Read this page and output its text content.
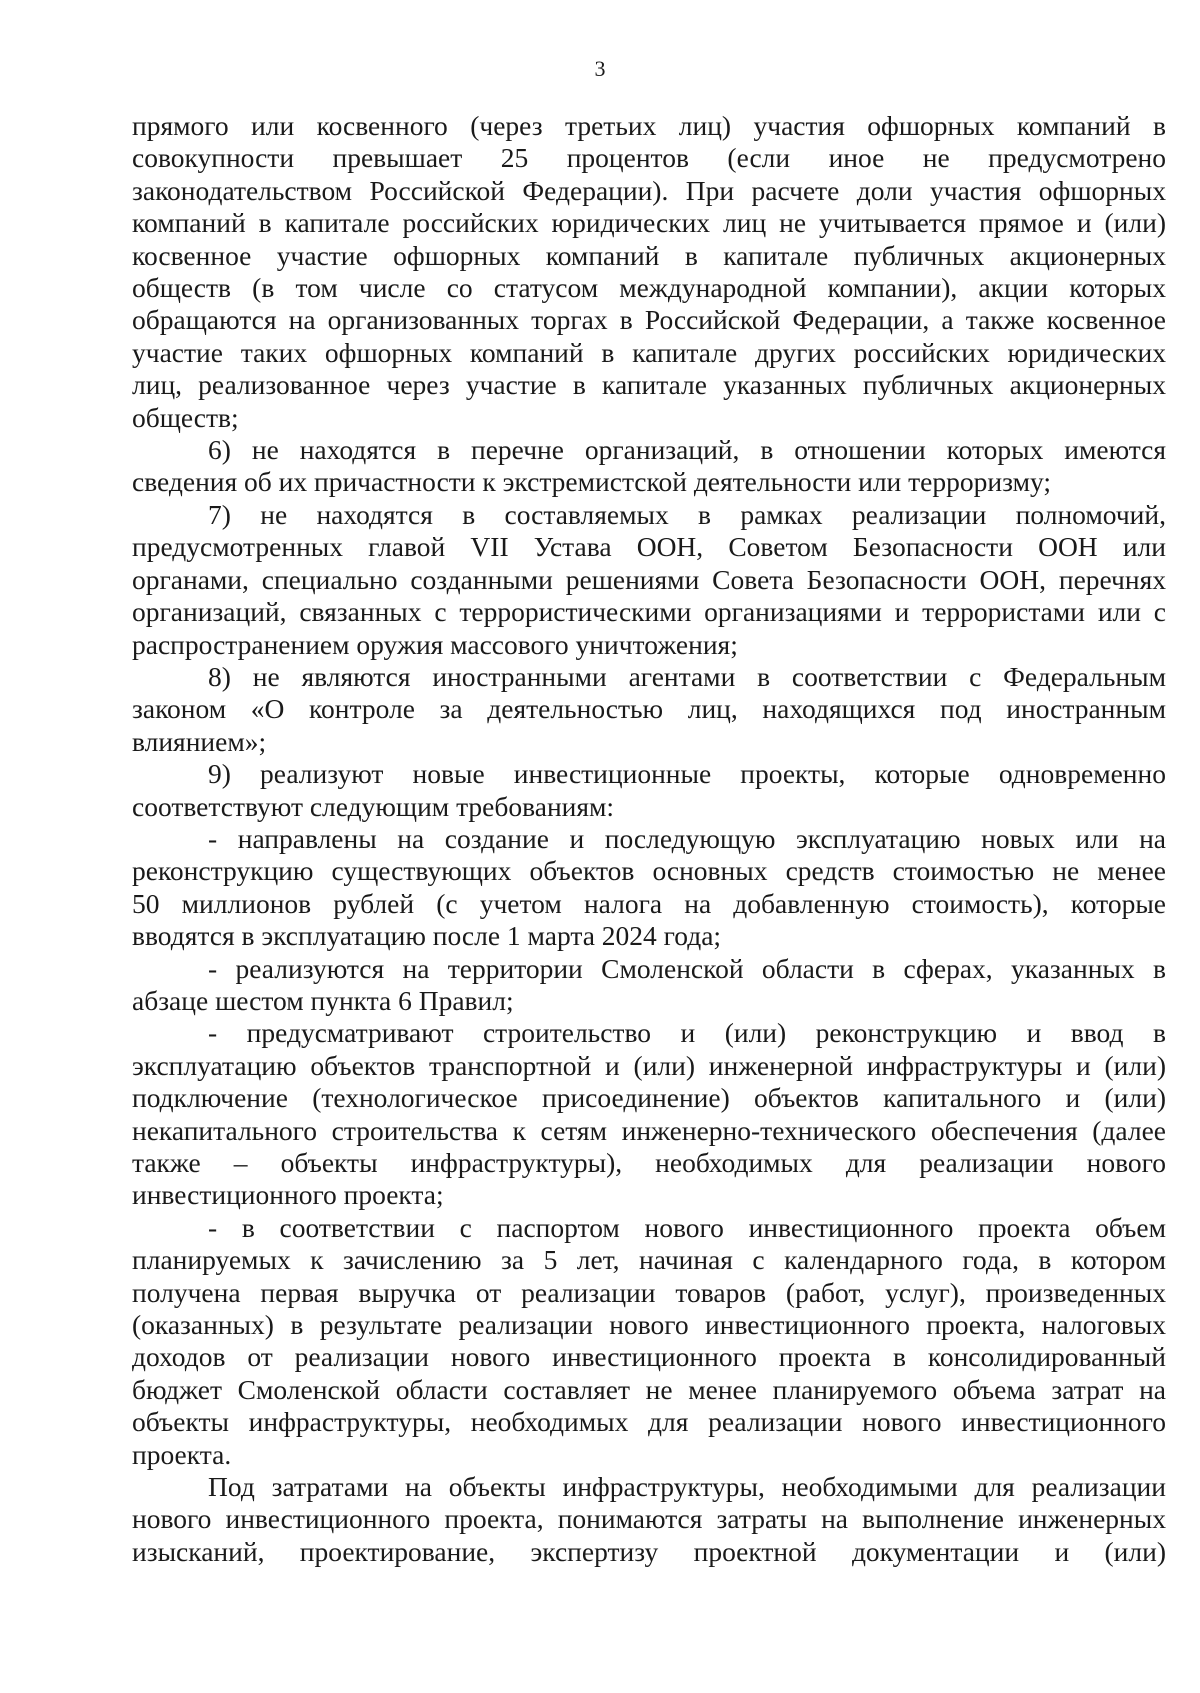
3

прямого или косвенного (через третьих лиц) участия офшорных компаний в

совокупности превышает 25 процентов (если иное не предусмотрено

законодательством Российской Федерации). При расчете доли участия офшорных

компаний в капитале российских юридических лиц не учитывается прямое и (или)

косвенное участие офшорных компаний в капитале публичных акционерных

обществ (в том числе со статусом международной компании), акции которых

обращаются на организованных торгах в Российской Федерации, а также косвенное

участие таких офшорных компаний в капитале других российских юридических

лиц, реализованное через участие в капитале указанных публичных акционерных

обществ;

6) не находятся в перечне организаций, в отношении которых имеются

сведения об их причастности к экстремистской деятельности или терроризму;

7) не находятся в составляемых в рамках реализации полномочий,

предусмотренных главой VII Устава ООН, Советом Безопасности ООН или

органами, специально созданными решениями Совета Безопасности ООН, перечнях

организаций, связанных с террористическими организациями и террористами или с

распространением оружия массового уничтожения;

8) не являются иностранными агентами в соответствии с Федеральным

законом «О контроле за деятельностью лиц, находящихся под иностранным

влиянием»;

9) реализуют новые инвестиционные проекты, которые одновременно

соответствуют следующим требованиям:

- направлены на создание и последующую эксплуатацию новых или на

реконструкцию существующих объектов основных средств стоимостью не менее

50 миллионов рублей (с учетом налога на добавленную стоимость), которые

вводятся в эксплуатацию после 1 марта 2024 года;

- реализуются на территории Смоленской области в сферах, указанных в

абзаце шестом пункта 6 Правил;

- предусматривают строительство и (или) реконструкцию и ввод в

эксплуатацию объектов транспортной и (или) инженерной инфраструктуры и (или)

подключение (технологическое присоединение) объектов капитального и (или)

некапитального строительства к сетям инженерно-технического обеспечения (далее

также – объекты инфраструктуры), необходимых для реализации нового

инвестиционного проекта;

- в соответствии с паспортом нового инвестиционного проекта объем

планируемых к зачислению за 5 лет, начиная с календарного года, в котором

получена первая выручка от реализации товаров (работ, услуг), произведенных

(оказанных) в результате реализации нового инвестиционного проекта, налоговых

доходов от реализации нового инвестиционного проекта в консолидированный

бюджет Смоленской области составляет не менее планируемого объема затрат на

объекты инфраструктуры, необходимых для реализации нового инвестиционного

проекта.

Под затратами на объекты инфраструктуры, необходимыми для реализации

нового инвестиционного проекта, понимаются затраты на выполнение инженерных

изысканий, проектирование, экспертизу проектной документации и (или)
